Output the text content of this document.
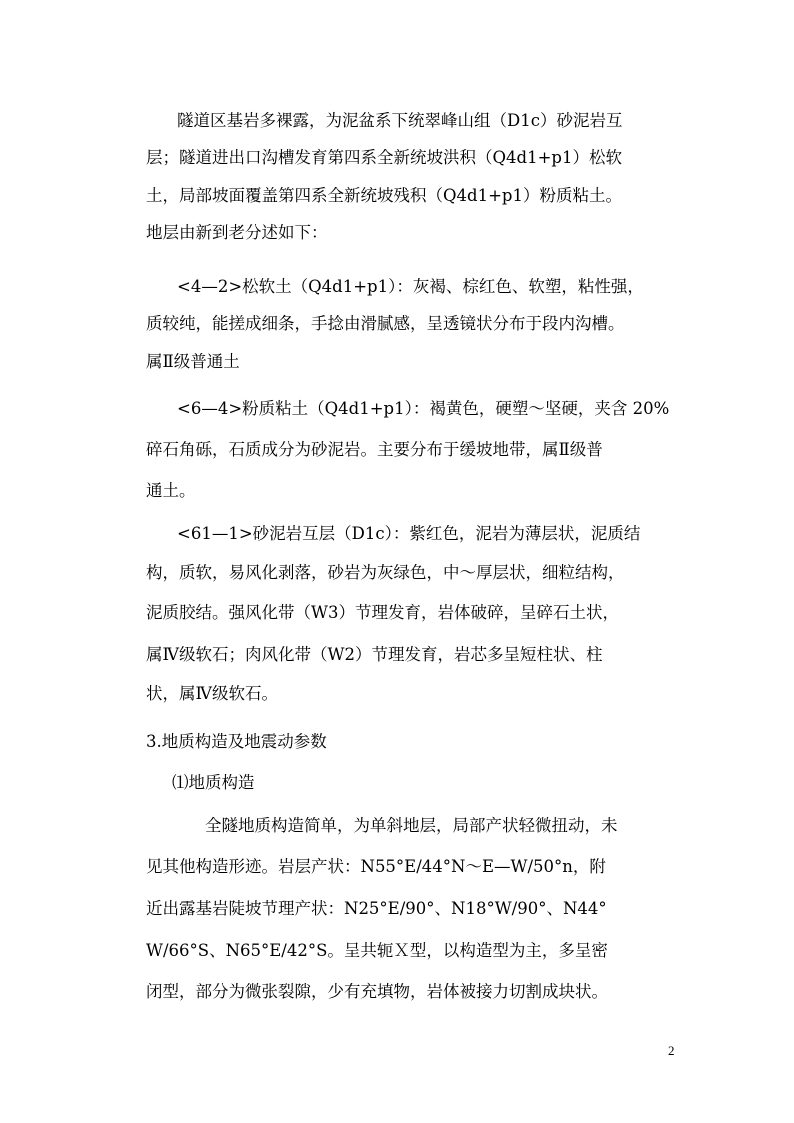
隧道区基岩多裸露，为泥盆系下统翠峰山组（D1c）砂泥岩互
层；隧道进出口沟槽发育第四系全新统坡洪积（Q4d1+p1）松软
土，局部坡面覆盖第四系全新统坡残积（Q4d1+p1）粉质粘土。
地层由新到老分述如下：
<4—2>松软土（Q4d1+p1）：灰褐、棕红色、软塑，粘性强，
质较纯，能搓成细条，手捻由滑腻感，呈透镜状分布于段内沟槽。
属Ⅱ级普通土
<6—4>粉质粘土（Q4d1+p1）：褐黄色，硬塑～坚硬，夹含 20%
碎石角砾，石质成分为砂泥岩。主要分布于缓坡地带，属Ⅱ级普
通土。
<61—1>砂泥岩互层（D1c）：紫红色，泥岩为薄层状，泥质结
构，质软，易风化剥落，砂岩为灰绿色，中～厚层状，细粒结构，
泥质胶结。强风化带（W3）节理发育，岩体破碎，呈碎石土状，
属Ⅳ级软石；肉风化带（W2）节理发育，岩芯多呈短柱状、柱
状，属Ⅳ级软石。
3.地质构造及地震动参数
⑴地质构造
全隧地质构造简单，为单斜地层，局部产状轻微扭动，未
见其他构造形迹。岩层产状：N55°E/44°N～E—W/50°n，附
近出露基岩陡坡节理产状：N25°E/90°、N18°W/90°、N44°
W/66°S、N65°E/42°S。呈共轭Ｘ型，以构造型为主，多呈密
闭型，部分为微张裂隙，少有充填物，岩体被接力切割成块状。
2
